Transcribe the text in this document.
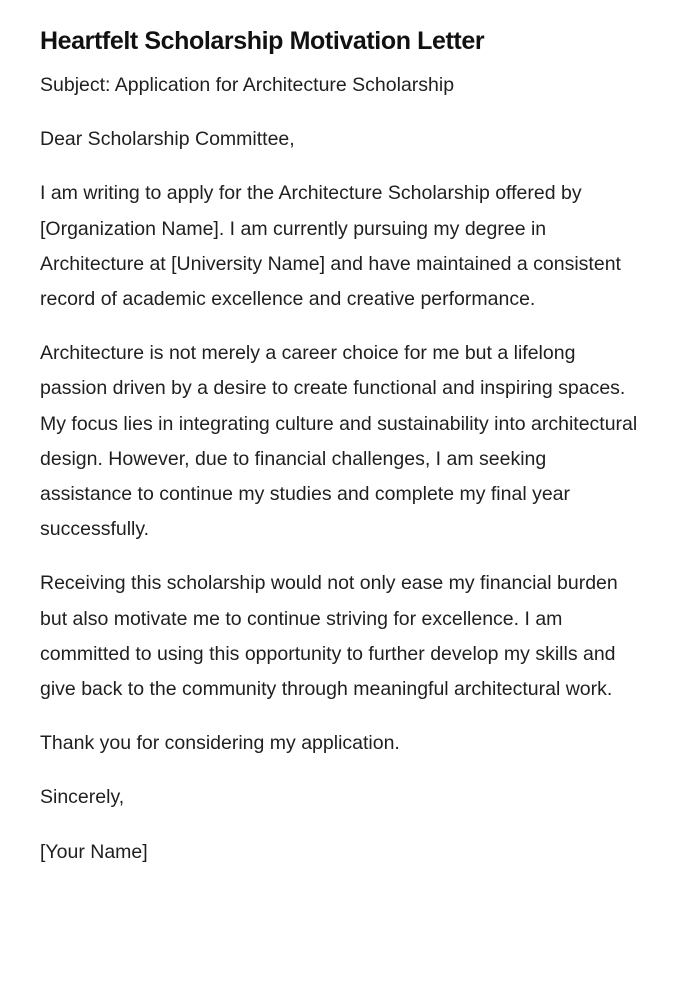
Heartfelt Scholarship Motivation Letter

Subject: Application for Architecture Scholarship

Dear Scholarship Committee,

I am writing to apply for the Architecture Scholarship offered by [Organization Name]. I am currently pursuing my degree in Architecture at [University Name] and have maintained a consistent record of academic excellence and creative performance.

Architecture is not merely a career choice for me but a lifelong passion driven by a desire to create functional and inspiring spaces. My focus lies in integrating culture and sustainability into architectural design. However, due to financial challenges, I am seeking assistance to continue my studies and complete my final year successfully.

Receiving this scholarship would not only ease my financial burden but also motivate me to continue striving for excellence. I am committed to using this opportunity to further develop my skills and give back to the community through meaningful architectural work.

Thank you for considering my application.

Sincerely,

[Your Name]
